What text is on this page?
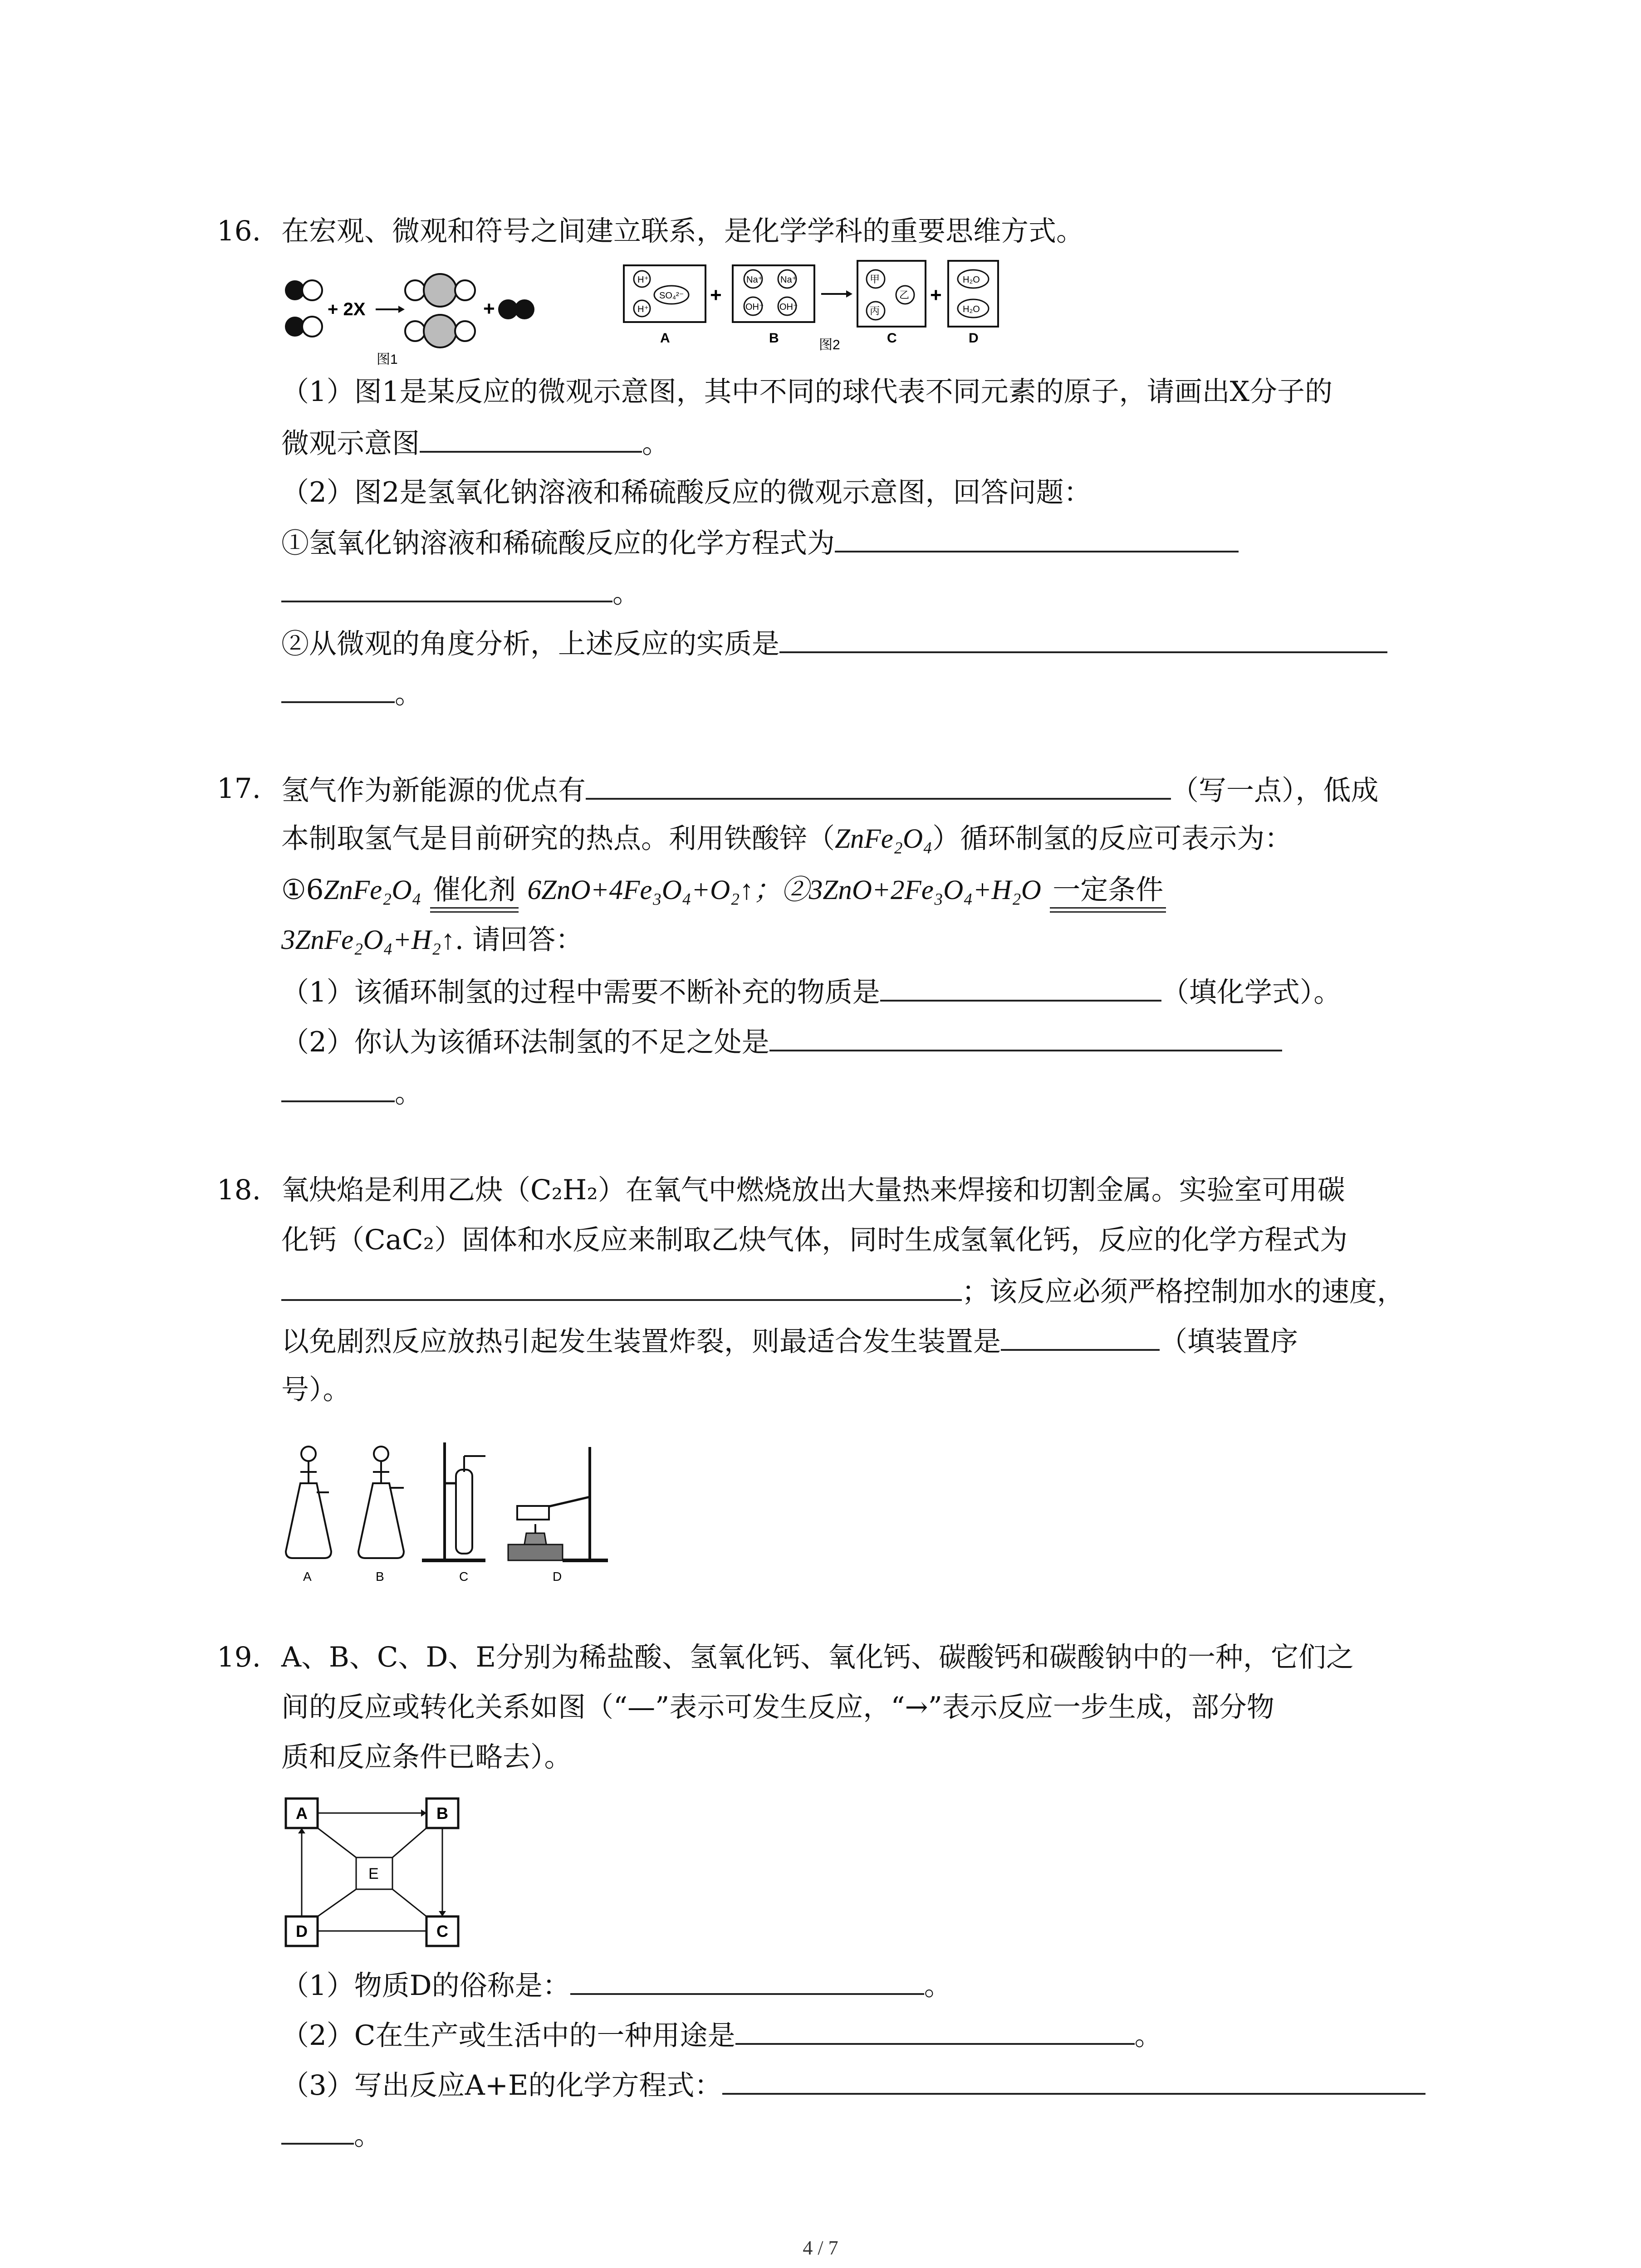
16. 在宏观、微观和符号之间建立联系，是化学学科的重要思维方式。
+ 2X	+
图1
H⁺
SO₄²⁻
H⁺
+
Na⁺ Na⁺
OH⁻ OH⁻
甲
乙
丙
+
H₂O
H₂O
A	B	C	D
图2
（1）图1是某反应的微观示意图，其中不同的球代表不同元素的原子，请画出X分子的
微观示意图	。
（2）图2是氢氧化钠溶液和稀硫酸反应的微观示意图，回答问题：
①氢氧化钠溶液和稀硫酸反应的化学方程式为
。
②从微观的角度分析，上述反应的实质是
。
17. 氢气作为新能源的优点有	（写一点），低成
本制取氢气是目前研究的热点。利用铁酸锌（ZnFe₂O₄）循环制氢的反应可表示为：
①6ZnFe₂O₄ 催化剂 6ZnO+4Fe₃O₄+O₂↑；②3ZnO+2Fe₃O₄+H₂O 一定条件
3ZnFe₂O₄+H₂↑. 请回答：
（1）该循环制氢的过程中需要不断补充的物质是	（填化学式）。
（2）你认为该循环法制氢的不足之处是
。
18. 氧炔焰是利用乙炔（C₂H₂）在氧气中燃烧放出大量热来焊接和切割金属。实验室可用碳
化钙（CaC₂）固体和水反应来制取乙炔气体，同时生成氢氧化钙，反应的化学方程式为
；该反应必须严格控制加水的速度，
以免剧烈反应放热引起发生装置炸裂，则最适合发生装置是	（填装置序
号）。
A	B	C	D
19. A、B、C、D、E分别为稀盐酸、氢氧化钙、氧化钙、碳酸钙和碳酸钠中的一种，它们之
间的反应或转化关系如图（“—”表示可发生反应，“→”表示反应一步生成，部分物
质和反应条件已略去）。
A	B
C
D
E
（1）物质D的俗称是：	。
（2）C在生产或生活中的一种用途是	。
（3）写出反应A+E的化学方程式：
。
4 / 7
